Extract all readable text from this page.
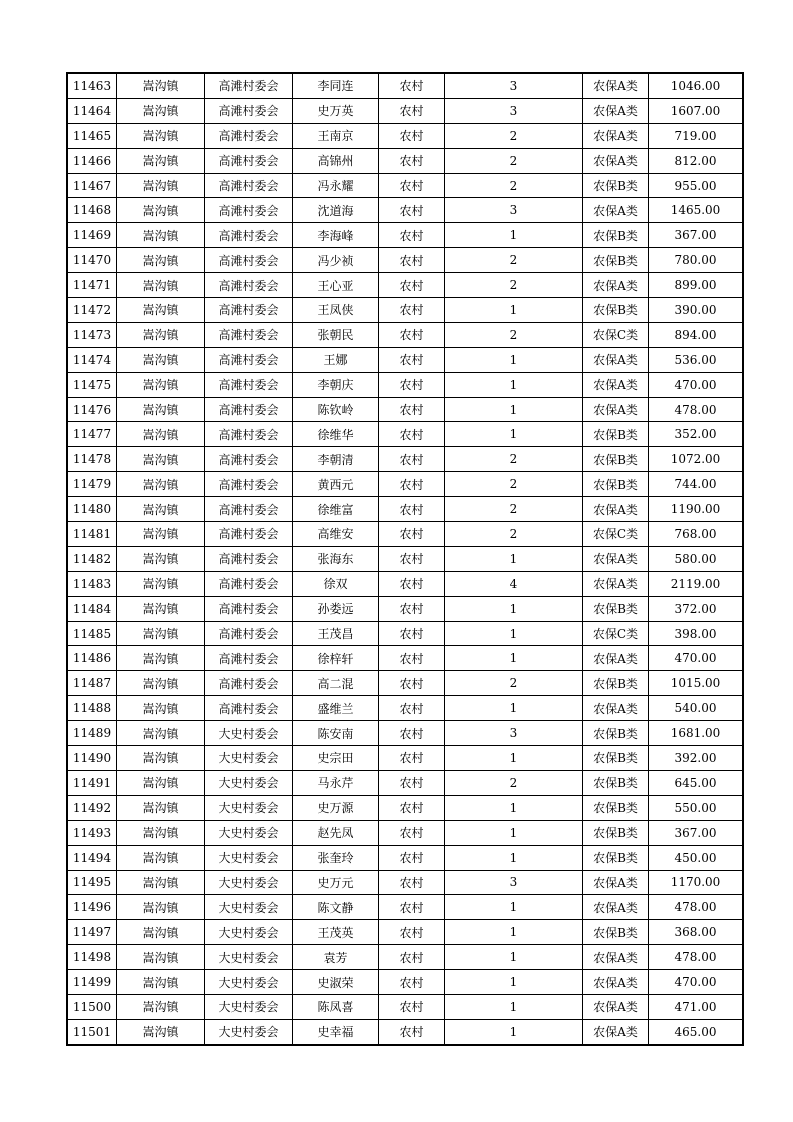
11463	嵩沟镇	高滩村委会	李同连	农村	3	农保A类	1046.00
11464	嵩沟镇	高滩村委会	史万英	农村	3	农保A类	1607.00
11465	嵩沟镇	高滩村委会	王南京	农村	2	农保A类	719.00
11466	嵩沟镇	高滩村委会	高锦州	农村	2	农保A类	812.00
11467	嵩沟镇	高滩村委会	冯永耀	农村	2	农保B类	955.00
11468	嵩沟镇	高滩村委会	沈道海	农村	3	农保A类	1465.00
11469	嵩沟镇	高滩村委会	李海峰	农村	1	农保B类	367.00
11470	嵩沟镇	高滩村委会	冯少祯	农村	2	农保B类	780.00
11471	嵩沟镇	高滩村委会	王心亚	农村	2	农保A类	899.00
11472	嵩沟镇	高滩村委会	王凤侠	农村	1	农保B类	390.00
11473	嵩沟镇	高滩村委会	张朝民	农村	2	农保C类	894.00
11474	嵩沟镇	高滩村委会	王娜	农村	1	农保A类	536.00
11475	嵩沟镇	高滩村委会	李朝庆	农村	1	农保A类	470.00
11476	嵩沟镇	高滩村委会	陈钦岭	农村	1	农保A类	478.00
11477	嵩沟镇	高滩村委会	徐维华	农村	1	农保B类	352.00
11478	嵩沟镇	高滩村委会	李朝清	农村	2	农保B类	1072.00
11479	嵩沟镇	高滩村委会	黄西元	农村	2	农保B类	744.00
11480	嵩沟镇	高滩村委会	徐维富	农村	2	农保A类	1190.00
11481	嵩沟镇	高滩村委会	高维安	农村	2	农保C类	768.00
11482	嵩沟镇	高滩村委会	张海东	农村	1	农保A类	580.00
11483	嵩沟镇	高滩村委会	徐双	农村	4	农保A类	2119.00
11484	嵩沟镇	高滩村委会	孙娄远	农村	1	农保B类	372.00
11485	嵩沟镇	高滩村委会	王茂昌	农村	1	农保C类	398.00
11486	嵩沟镇	高滩村委会	徐梓轩	农村	1	农保A类	470.00
11487	嵩沟镇	高滩村委会	高二混	农村	2	农保B类	1015.00
11488	嵩沟镇	高滩村委会	盛维兰	农村	1	农保A类	540.00
11489	嵩沟镇	大史村委会	陈安南	农村	3	农保B类	1681.00
11490	嵩沟镇	大史村委会	史宗田	农村	1	农保B类	392.00
11491	嵩沟镇	大史村委会	马永芹	农村	2	农保B类	645.00
11492	嵩沟镇	大史村委会	史万源	农村	1	农保B类	550.00
11493	嵩沟镇	大史村委会	赵先凤	农村	1	农保B类	367.00
11494	嵩沟镇	大史村委会	张奎玲	农村	1	农保B类	450.00
11495	嵩沟镇	大史村委会	史万元	农村	3	农保A类	1170.00
11496	嵩沟镇	大史村委会	陈文静	农村	1	农保A类	478.00
11497	嵩沟镇	大史村委会	王茂英	农村	1	农保B类	368.00
11498	嵩沟镇	大史村委会	袁芳	农村	1	农保A类	478.00
11499	嵩沟镇	大史村委会	史淑荣	农村	1	农保A类	470.00
11500	嵩沟镇	大史村委会	陈凤喜	农村	1	农保A类	471.00
11501	嵩沟镇	大史村委会	史幸福	农村	1	农保A类	465.00
